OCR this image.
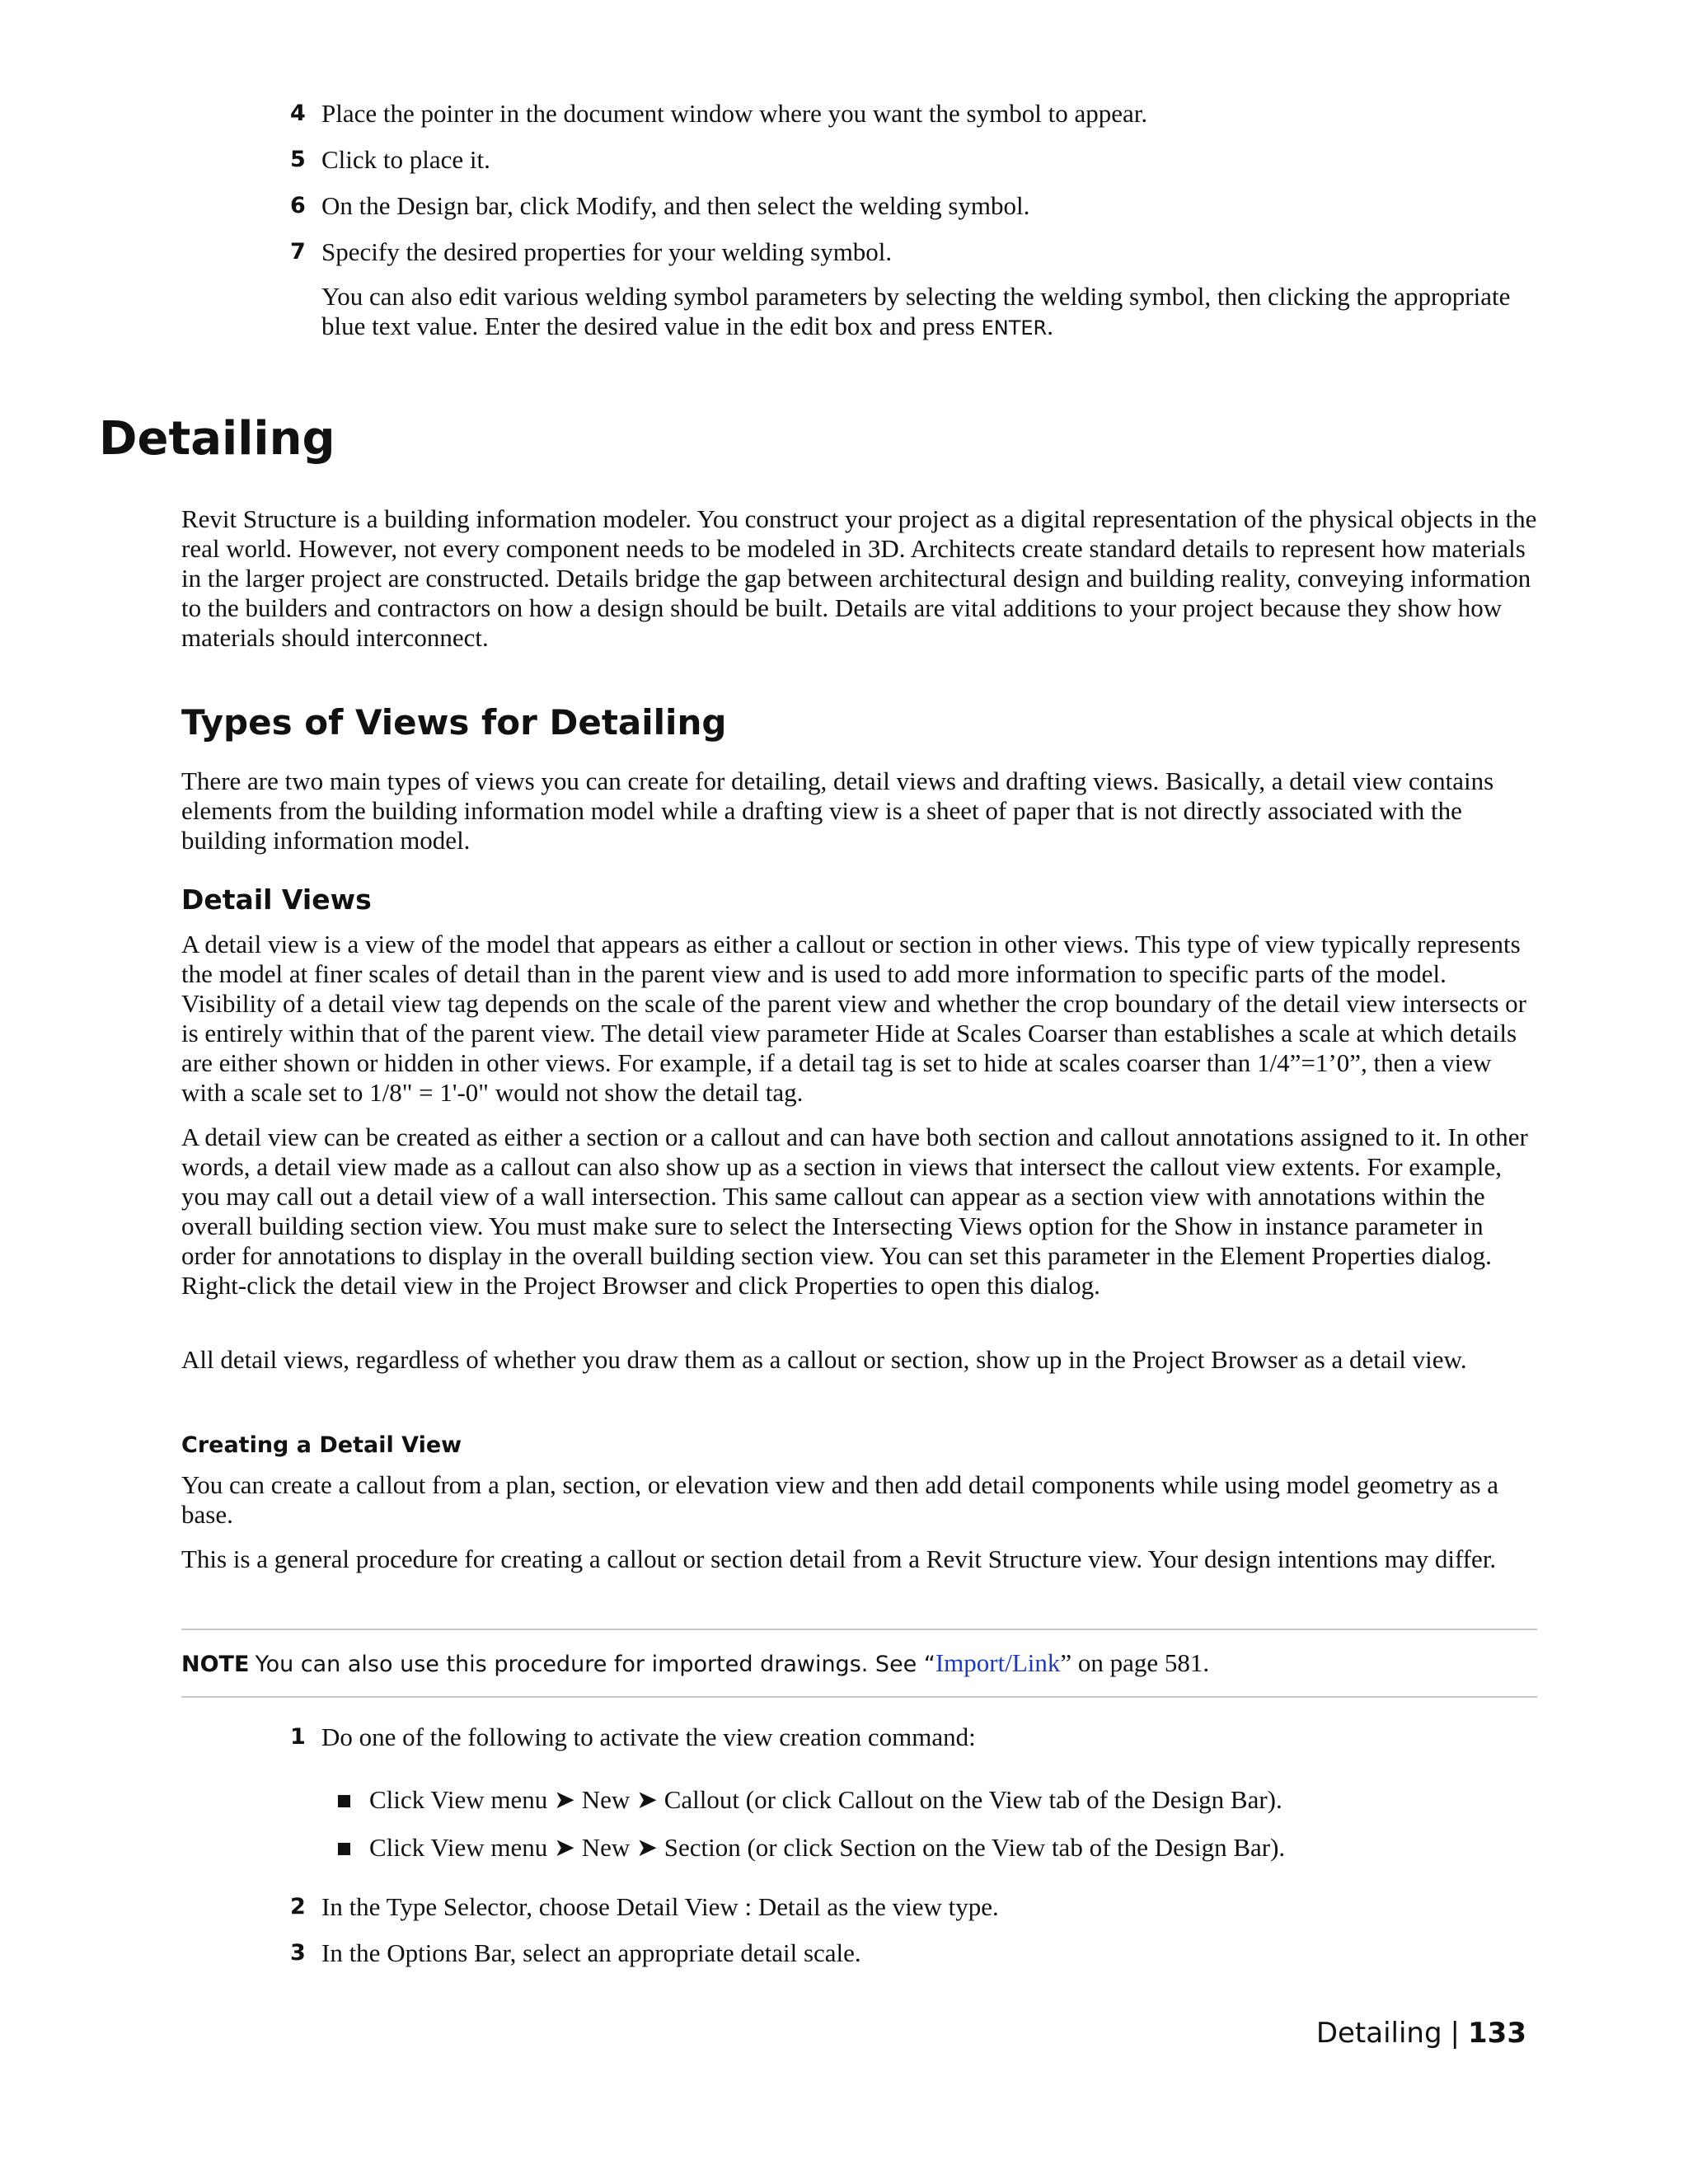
4 Place the pointer in the document window where you want the symbol to appear.
5 Click to place it.
6 On the Design bar, click Modify, and then select the welding symbol.
7 Specify the desired properties for your welding symbol.
You can also edit various welding symbol parameters by selecting the welding symbol, then clicking the appropriate blue text value. Enter the desired value in the edit box and press ENTER.
Detailing
Revit Structure is a building information modeler. You construct your project as a digital representation of the physical objects in the real world. However, not every component needs to be modeled in 3D. Architects create standard details to represent how materials in the larger project are constructed. Details bridge the gap between architectural design and building reality, conveying information to the builders and contractors on how a design should be built. Details are vital additions to your project because they show how materials should interconnect.
Types of Views for Detailing
There are two main types of views you can create for detailing, detail views and drafting views. Basically, a detail view contains elements from the building information model while a drafting view is a sheet of paper that is not directly associated with the building information model.
Detail Views
A detail view is a view of the model that appears as either a callout or section in other views. This type of view typically represents the model at finer scales of detail than in the parent view and is used to add more information to specific parts of the model. Visibility of a detail view tag depends on the scale of the parent view and whether the crop boundary of the detail view intersects or is entirely within that of the parent view. The detail view parameter Hide at Scales Coarser than establishes a scale at which details are either shown or hidden in other views. For example, if a detail tag is set to hide at scales coarser than 1/4”=1’0”, then a view with a scale set to 1/8" = 1'-0" would not show the detail tag.
A detail view can be created as either a section or a callout and can have both section and callout annotations assigned to it. In other words, a detail view made as a callout can also show up as a section in views that intersect the callout view extents. For example, you may call out a detail view of a wall intersection. This same callout can appear as a section view with annotations within the overall building section view. You must make sure to select the Intersecting Views option for the Show in instance parameter in order for annotations to display in the overall building section view. You can set this parameter in the Element Properties dialog. Right-click the detail view in the Project Browser and click Properties to open this dialog.
All detail views, regardless of whether you draw them as a callout or section, show up in the Project Browser as a detail view.
Creating a Detail View
You can create a callout from a plan, section, or elevation view and then add detail components while using model geometry as a base.
This is a general procedure for creating a callout or section detail from a Revit Structure view. Your design intentions may differ.
NOTE You can also use this procedure for imported drawings. See “Import/Link” on page 581.
1 Do one of the following to activate the view creation command:
Click View menu ➤ New ➤ Callout (or click Callout on the View tab of the Design Bar).
Click View menu ➤ New ➤ Section (or click Section on the View tab of the Design Bar).
2 In the Type Selector, choose Detail View : Detail as the view type.
3 In the Options Bar, select an appropriate detail scale.
Detailing | 133
